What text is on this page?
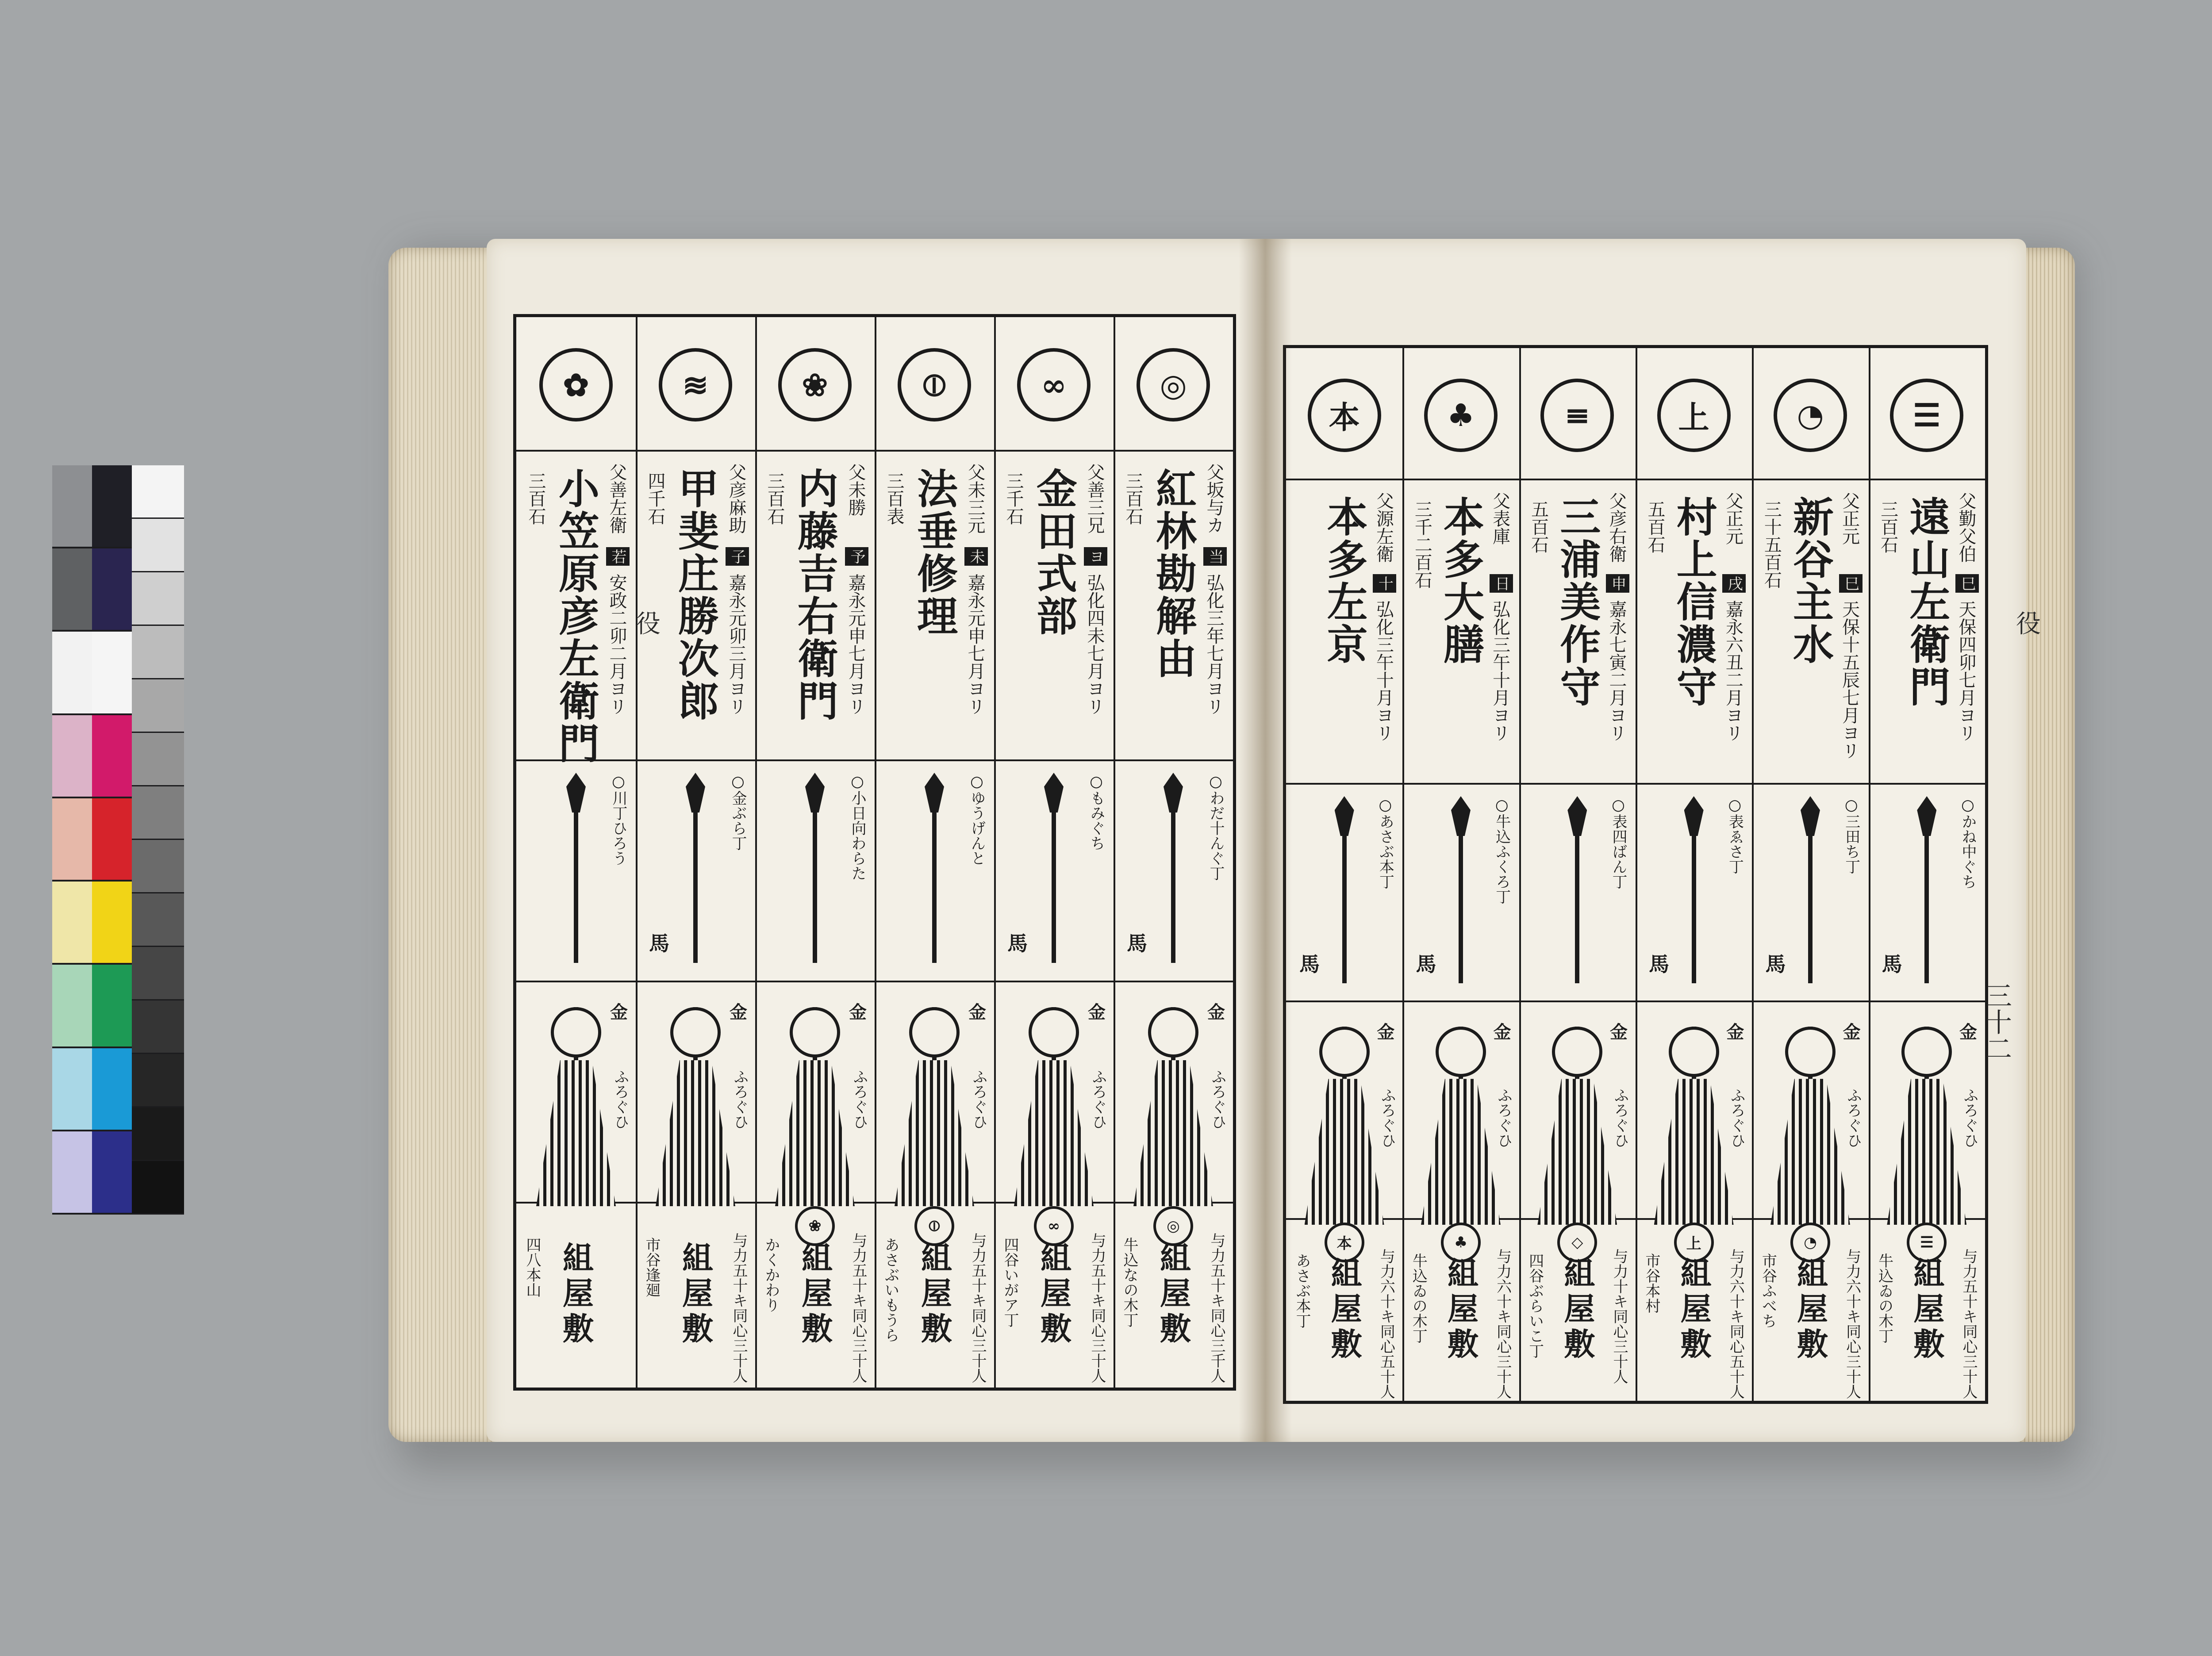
◎
父坂与カ
当
弘化三年七月ヨリ
紅林勘解由
三百石
○わだ十んぐ丁
馬
金
ふろぐひ
◎
与力五十キ同心三千人
組屋敷
牛込なの木丁
∞
父善三兄
ヨ
弘化四未七月ヨリ
金田式部
三千石
○もみぐち
馬
金
ふろぐひ
∞
与力五十キ同心三十人
組屋敷
四谷いがア丁
⦶
父未三元
未
嘉永元申七月ヨリ
法垂修理
三百表
○ゆうげんと
金
ふろぐひ
⦶
与力五十キ同心三十人
組屋敷
あさぶいもうら
❀
父未勝
予
嘉永元申七月ヨリ
内藤吉右衛門
三百石
○小日向わらた
金
ふろぐひ
❀
与力五十キ同心三十人
組屋敷
かくかわり
≋
父彦麻助
子
嘉永元卯三月ヨリ
甲斐庄勝次郎
四千石
○金ぶら丁
馬
金
ふろぐひ
与力五十キ同心三十人
組屋敷
市谷逢廻
✿
父善左衛
若
安政二卯二月ヨリ
小笠原彦左衛門
三百石
○川丁ひろう
金
ふろぐひ
組屋敷
四八本山
☰
父勤父伯
巳
天保四卯七月ヨリ
遠山左衛門
三百石
○かね中ぐち
馬
金
ふろぐひ
☰
与力五十キ同心三十人
組屋敷
牛込ゐの木丁
◔
父正元
巳
天保十五辰七月ヨリ
新谷主水
三十五百石
○三田ち丁
馬
金
ふろぐひ
◔
与力六十キ同心三十人
組屋敷
市谷ふべち
上
父正元
戌
嘉永六丑二月ヨリ
村上信濃守
五百石
○表ゑさ丁
馬
金
ふろぐひ
上
与力六十キ同心五十人
組屋敷
市谷本村
≡
父彦右衛
申
嘉永七寅二月ヨリ
三浦美作守
五百石
○表四ばん丁
金
ふろぐひ
◇
与力十キ同心三十人
組屋敷
四谷ぶらいこ丁
♣
父表庫
日
弘化三午十月ヨリ
本多大膳
三千二百石
○牛込ふくろ丁
馬
金
ふろぐひ
♣
与力六十キ同心三十人
組屋敷
牛込ゐの木丁
本
父源左衛
十
弘化三午十月ヨリ
本多左京
○あさぶ本丁
馬
金
ふろぐひ
本
与力六十キ同心五十人
組屋敷
あさぶ本丁
役	役
三十二
